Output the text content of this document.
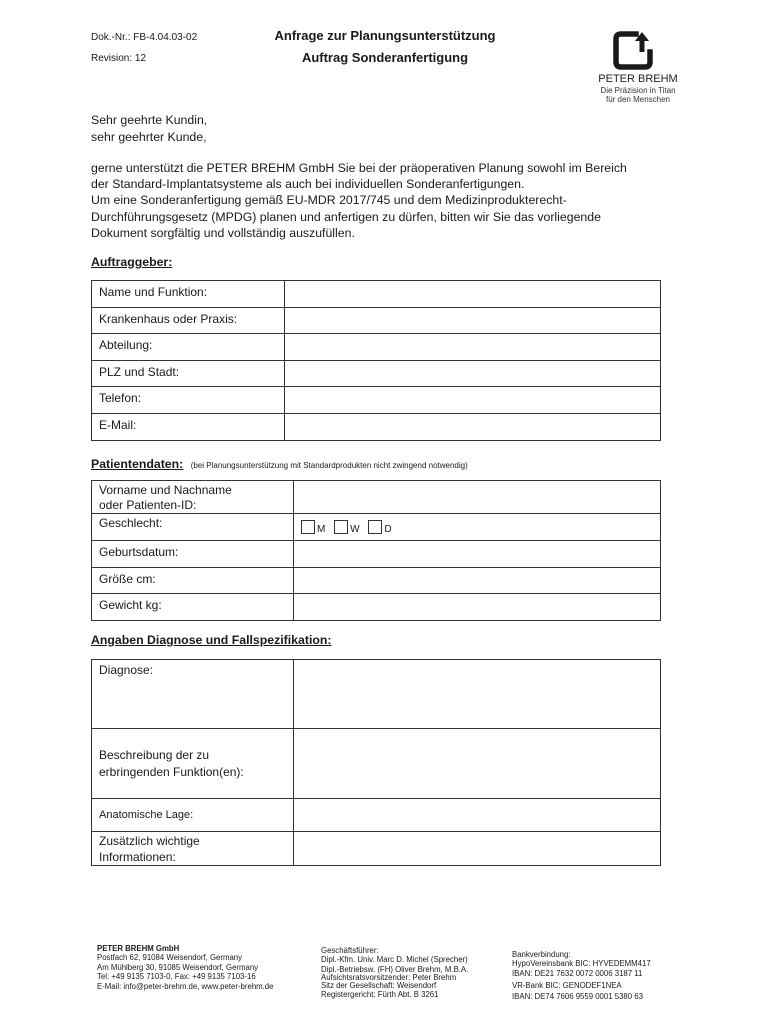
Dok.-Nr.: FB-4.04.03-02
Revision: 12
Anfrage zur Planungsunterstützung
Auftrag Sonderanfertigung
PETER BREHM
Die Präzision in Titan
für den Menschen
Sehr geehrte Kundin,
sehr geehrter Kunde,
gerne unterstützt die PETER BREHM GmbH Sie bei der präoperativen Planung sowohl im Bereich
der Standard-Implantatsysteme als auch bei individuellen Sonderanfertigungen.
Um eine Sonderanfertigung gemäß EU-MDR 2017/745 und dem Medizinprodukterecht-
Durchführungsgesetz (MPDG) planen und anfertigen zu dürfen, bitten wir Sie das vorliegende
Dokument sorgfältig und vollständig auszufüllen.
Auftraggeber:
Name und Funktion:	
Krankenhaus oder Praxis:	
Abteilung:	
PLZ und Stadt:	
Telefon:	
E-Mail:	
Patientendaten: (bei Planungsunterstützung mit Standardprodukten nicht zwingend notwendig)
Vorname und Nachname
oder Patienten-ID:	
Geschlecht:	M W D
Geburtsdatum:	
Größe cm:	
Gewicht kg:	
Angaben Diagnose und Fallspezifikation:
Diagnose:	
Beschreibung der zu
erbringenden Funktion(en):	
Anatomische Lage:	
Zusätzlich wichtige
Informationen:	
PETER BREHM GmbH
Postfach 62, 91084 Weisendorf, Germany
Am Mühlberg 30, 91085 Weisendorf, Germany
Tel: +49 9135 7103-0, Fax: +49 9135 7103-16
E-Mail: info@peter-brehm.de, www.peter-brehm.de
Geschäftsführer:
Dipl.-Kfm. Univ. Marc D. Michel (Sprecher)
Dipl.-Betriebsw. (FH) Oliver Brehm, M.B.A.
Aufsichtsratsvorsitzender: Peter Brehm
Sitz der Gesellschaft: Weisendorf
Registergericht: Fürth Abt. B 3261
Bankverbindung:
HypoVereinsbank BIC: HYVEDEMM417
IBAN: DE21 7632 0072 0006 3187 11
VR-Bank BIC: GENODEF1NEA
IBAN: DE74 7606 9559 0001 5380 63
